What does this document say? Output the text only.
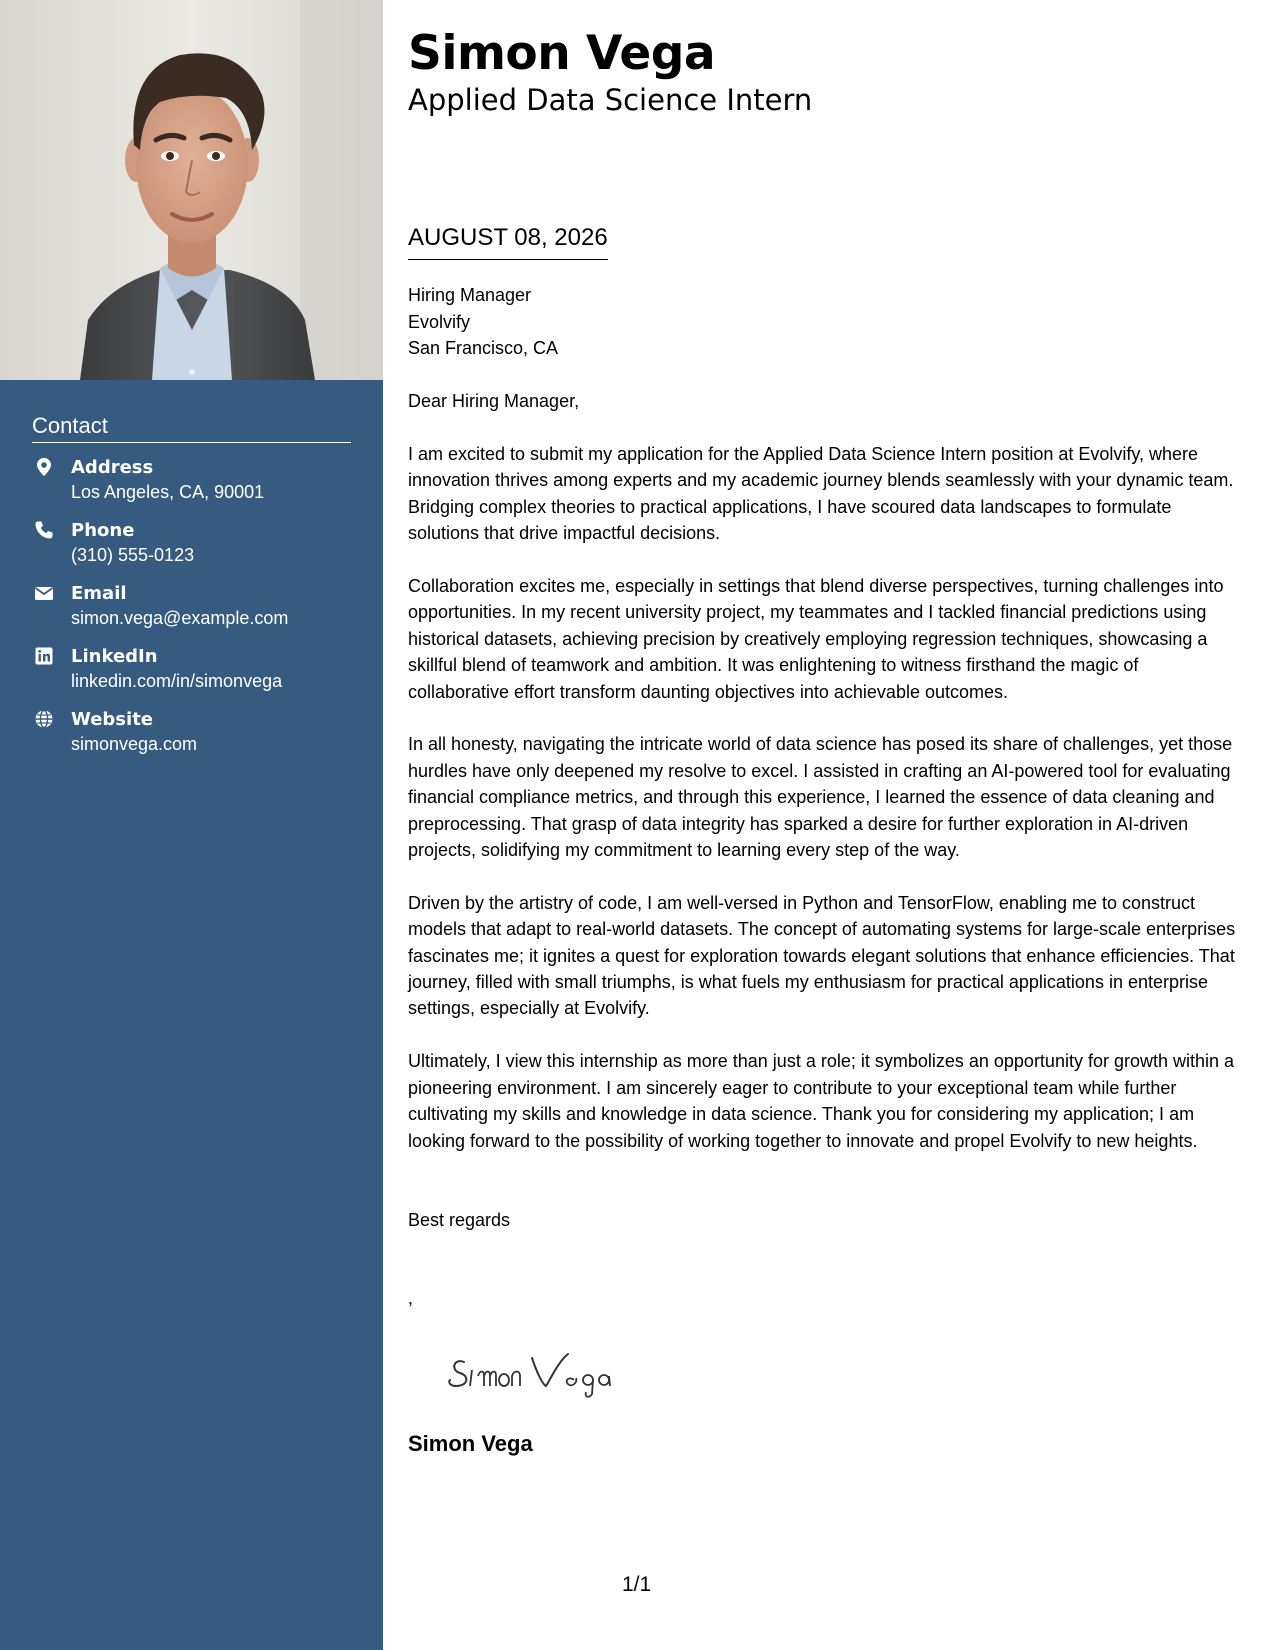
Contact
Address
Los Angeles, CA, 90001
Phone
(310) 555-0123
Email
simon.vega@example.com
LinkedIn
linkedin.com/in/simonvega
Website
simonvega.com
Simon Vega
Applied Data Science Intern
AUGUST 08, 2026
Hiring Manager
Evolvify
San Francisco, CA
Dear Hiring Manager,

I am excited to submit my application for the Applied Data Science Intern position at Evolvify, where innovation thrives among experts and my academic journey blends seamlessly with your dynamic team. Bridging complex theories to practical applications, I have scoured data landscapes to formulate solutions that drive impactful decisions.

Collaboration excites me, especially in settings that blend diverse perspectives, turning challenges into opportunities. In my recent university project, my teammates and I tackled financial predictions using historical datasets, achieving precision by creatively employing regression techniques, showcasing a skillful blend of teamwork and ambition. It was enlightening to witness firsthand the magic of collaborative effort transform daunting objectives into achievable outcomes.

In all honesty, navigating the intricate world of data science has posed its share of challenges, yet those hurdles have only deepened my resolve to excel. I assisted in crafting an AI-powered tool for evaluating financial compliance metrics, and through this experience, I learned the essence of data cleaning and preprocessing. That grasp of data integrity has sparked a desire for further exploration in AI-driven projects, solidifying my commitment to learning every step of the way.

Driven by the artistry of code, I am well-versed in Python and TensorFlow, enabling me to construct models that adapt to real-world datasets. The concept of automating systems for large-scale enterprises fascinates me; it ignites a quest for exploration towards elegant solutions that enhance efficiencies. That journey, filled with small triumphs, is what fuels my enthusiasm for practical applications in enterprise settings, especially at Evolvify.

Ultimately, I view this internship as more than just a role; it symbolizes an opportunity for growth within a pioneering environment. I am sincerely eager to contribute to your exceptional team while further cultivating my skills and knowledge in data science. Thank you for considering my application; I am looking forward to the possibility of working together to innovate and propel Evolvify to new heights.

Best regards
,
Simon Vega
1/1
